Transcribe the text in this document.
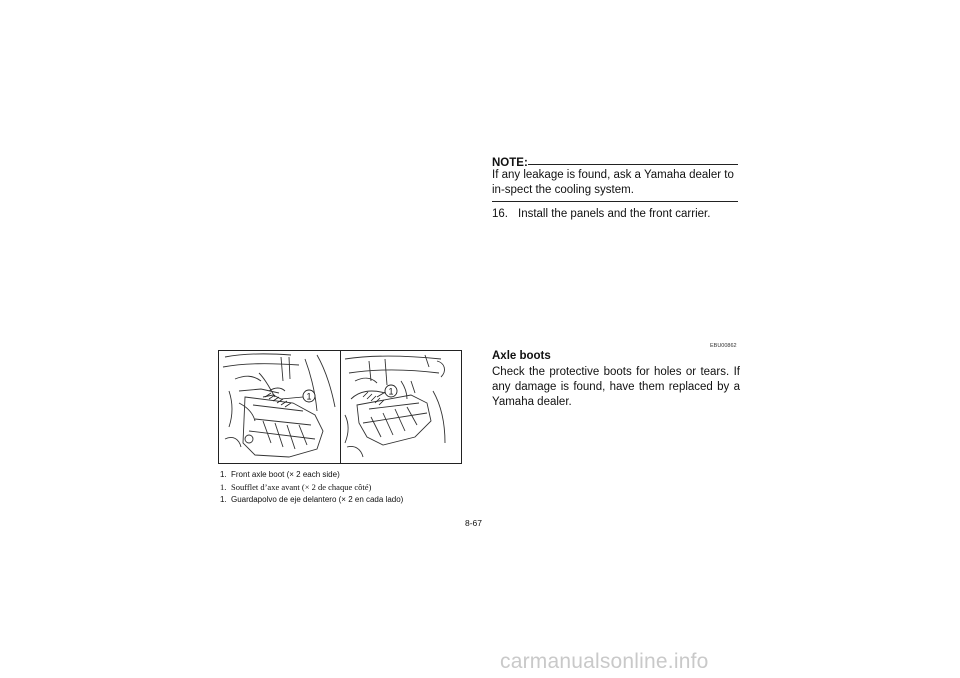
NOTE:
If any leakage is found, ask a Yamaha dealer to in-spect the cooling system.
16. Install the panels and the front carrier.
1	1
1. Front axle boot (× 2 each side)
1. Soufflet d’axe avant (× 2 de chaque côté)
1. Guardapolvo de eje delantero (× 2 en cada lado)
EBU00862
Axle boots
Check the protective boots for holes or tears. If any damage is found, have them replaced by a Yamaha dealer.
8-67
carmanualsonline.info
